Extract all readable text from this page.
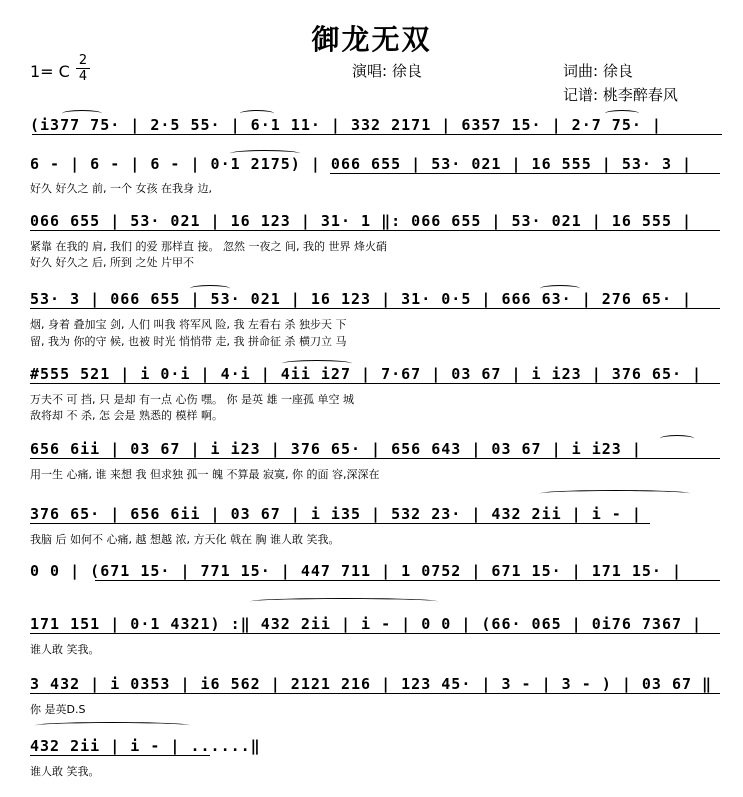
御龙无双
1= C
2
4	演唱: 徐良	词曲: 徐良
记谱: 桃李醉春风
(i377 75· | 2·5 55· | 6·1 11· | 332 2171 | 6357 15· | 2·7 75· |
6 - | 6 - | 6 - | 0·1 2175) | 066 655 | 53· 021 | 16 555 | 53· 3 |
好久 好久之 前, 一个 女孩 在我身 边,
066 655 | 53· 021 | 16 123 | 31· 1 ‖: 066 655 | 53· 021 | 16 555 |
紧靠 在我的 肩, 我们 的爱 那样直 接。 忽然 一夜之 间, 我的 世界 烽火硝
好久 好久之 后, 所到 之处 片甲不
53· 3 | 066 655 | 53· 021 | 16 123 | 31· 0·5 | 666 63· | 276 65· |
烟, 身着 叠加宝 剑, 人们 叫我 将军风 险, 我 左看右 杀 独步天 下
留, 我为 你的守 候, 也被 时光 悄悄带 走, 我 拼命征 杀 横刀立 马
#555 521 | i 0·i | 4·i | 4ii i27 | 7·67 | 03 67 | i i23 | 376 65· |
万夫不 可 挡, 只 是却 有一点 心伤 嘿。 你 是英 雄 一座孤 单空 城
敌将却 不 杀, 怎 会是 熟悉的 模样 啊。
656 6ii | 03 67 | i i23 | 376 65· | 656 643 | 03 67 | i i23 |
用一生 心痛, 谁 来想 我 但求独 孤一 魄 不算最 寂寞, 你 的面 容,深深在
376 65· | 656 6ii | 03 67 | i i35 | 532 23· | 432 2ii | i - |
我脑 后 如何不 心痛, 越 想越 浓, 方天化 戟在 胸 谁人敢 笑我。
0 0 | (671 15· | 771 15· | 447 711 | 1 0752 | 671 15· | 171 15· |
171 151 | 0·1 4321) :‖ 432 2ii | i - | 0 0 | (66· 065 | 0i76 7367 |
谁人敢 笑我。
3 432 | i 0353 | i6 562 | 2121 216 | 123 45· | 3 - | 3 - ) | 03 67 ‖
你 是英D.S
432 2ii | i - | ......‖
谁人敢 笑我。
